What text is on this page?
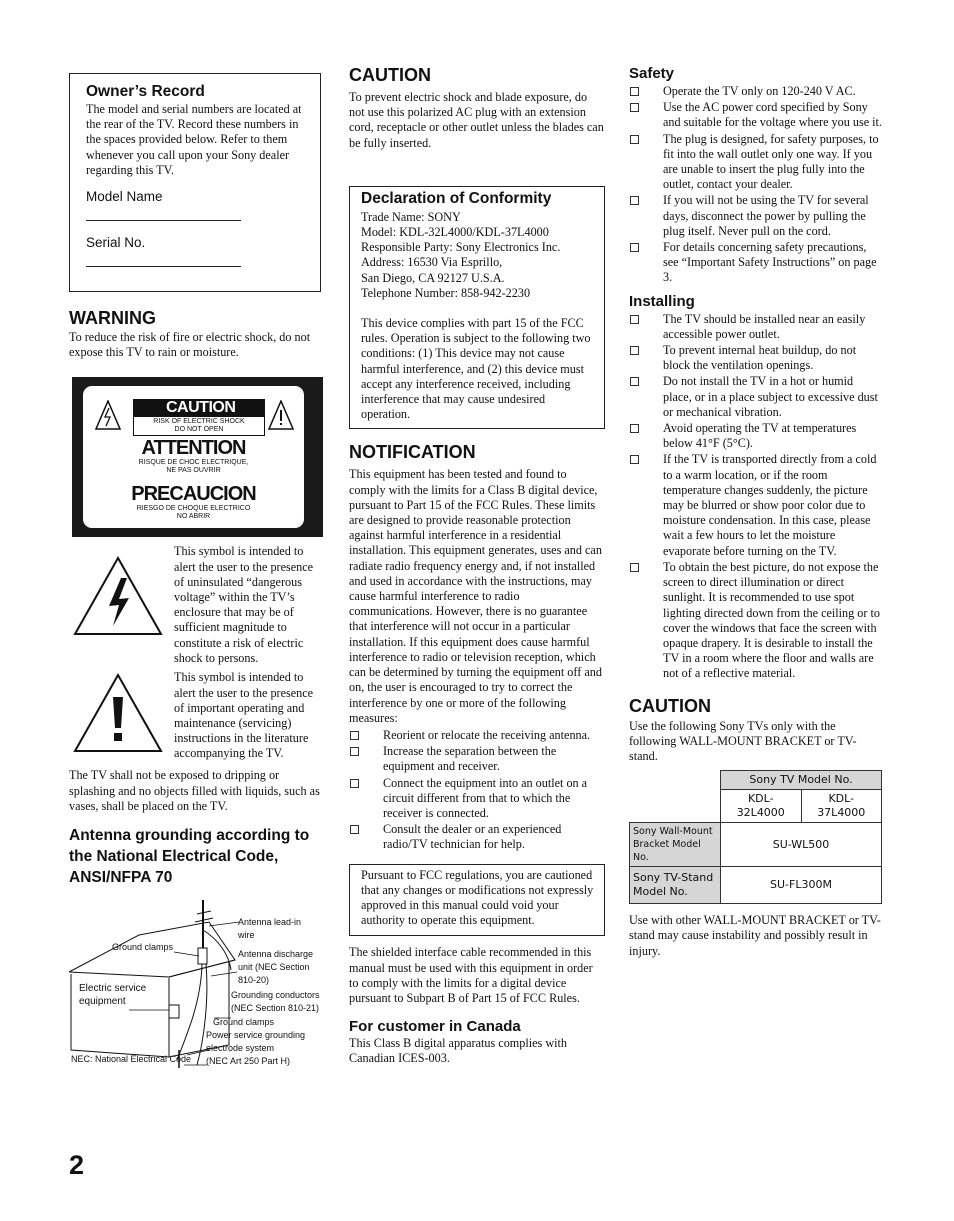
Owner’s Record

The model and serial numbers are located at the rear of the TV. Record these numbers in the spaces provided below. Refer to them whenever you call upon your Sony dealer regarding this TV.

Model Name
Serial No.
WARNING

To reduce the risk of fire or electric shock, do not expose this TV to rain or moisture.

CAUTION
RISK OF ELECTRIC SHOCK
DO NOT OPEN
ATTENTION
RISQUE DE CHOC ELECTRIQUE,
NE PAS OUVRIR
PRECAUCION
RIESGO DE CHOQUE ELECTRICO
NO ABRIR

This symbol is intended to alert the user to the presence of uninsulated “dangerous voltage” within the TV’s enclosure that may be of sufficient magnitude to constitute a risk of electric shock to persons.

This symbol is intended to alert the user to the presence of important operating and maintenance (servicing) instructions in the literature accompanying the TV.

The TV shall not be exposed to dripping or splashing and no objects filled with liquids, such as vases, shall be placed on the TV.

Antenna grounding according to the National Electrical Code, ANSI/NFPA 70
Antenna lead-in
wire
Ground clamps
Antenna discharge
unit (NEC Section
810-20)
Electric service
equipment
Grounding conductors
(NEC Section 810-21)
Ground clamps
Power service grounding
electrode system
(NEC Art 250 Part H)
NEC: National Electrical Code
CAUTION

To prevent electric shock and blade exposure, do not use this polarized AC plug with an extension cord, receptacle or other outlet unless the blades can be fully inserted.

Declaration of Conformity
Trade Name: SONY
Model: KDL-32L4000/KDL-37L4000
Responsible Party: Sony Electronics Inc.
Address: 16530 Via Esprillo,
San Diego, CA 92127 U.S.A.
Telephone Number: 858-942-2230

This device complies with part 15 of the FCC rules. Operation is subject to the following two conditions: (1) This device may not cause harmful interference, and (2) this device must accept any interference received, including interference that may cause undesired operation.

NOTIFICATION

This equipment has been tested and found to comply with the limits for a Class B digital device, pursuant to Part 15 of the FCC Rules. These limits are designed to provide reasonable protection against harmful interference in a residential installation. This equipment generates, uses and can radiate radio frequency energy and, if not installed and used in accordance with the instructions, may cause harmful interference to radio communications. However, there is no guarantee that interference will not occur in a particular installation. If this equipment does cause harmful interference to radio or television reception, which can be determined by turning the equipment off and on, the user is encouraged to try to correct the interference by one or more of the following measures:

Reorient or relocate the receiving antenna.
Increase the separation between the equipment and receiver.
Connect the equipment into an outlet on a circuit different from that to which the receiver is connected.
Consult the dealer or an experienced radio/TV technician for help.

Pursuant to FCC regulations, you are cautioned that any changes or modifications not expressly approved in this manual could void your authority to operate this equipment.

The shielded interface cable recommended in this manual must be used with this equipment in order to comply with the limits for a digital device pursuant to Subpart B of Part 15 of FCC Rules.

For customer in Canada

This Class B digital apparatus complies with Canadian ICES-003.

Safety
Operate the TV only on 120-240 V AC.
Use the AC power cord specified by Sony and suitable for the voltage where you use it.
The plug is designed, for safety purposes, to fit into the wall outlet only one way. If you are unable to insert the plug fully into the outlet, contact your dealer.
If you will not be using the TV for several days, disconnect the power by pulling the plug itself. Never pull on the cord.
For details concerning safety precautions, see “Important Safety Instructions” on page 3.
Installing
The TV should be installed near an easily accessible power outlet.
To prevent internal heat buildup, do not block the ventilation openings.
Do not install the TV in a hot or humid place, or in a place subject to excessive dust or mechanical vibration.
Avoid operating the TV at temperatures below 41°F (5°C).
If the TV is transported directly from a cold to a warm location, or if the room temperature changes suddenly, the picture may be blurred or show poor color due to moisture condensation. In this case, please wait a few hours to let the moisture evaporate before turning on the TV.
To obtain the best picture, do not expose the screen to direct illumination or direct sunlight. It is recommended to use spot lighting directed down from the ceiling or to cover the windows that face the screen with opaque drapery. It is desirable to install the TV in a room where the floor and walls are not of a reflective material.
CAUTION

Use the following Sony TVs only with the following WALL-MOUNT BRACKET or TV-stand.

	Sony TV Model No.	
	KDL-32L4000	KDL-37L4000
Sony Wall-Mount Bracket Model No.	SU-WL500	
Sony TV-Stand Model No.	SU-FL300M	

Use with other WALL-MOUNT BRACKET or TV-stand may cause instability and possibly result in injury.

2
